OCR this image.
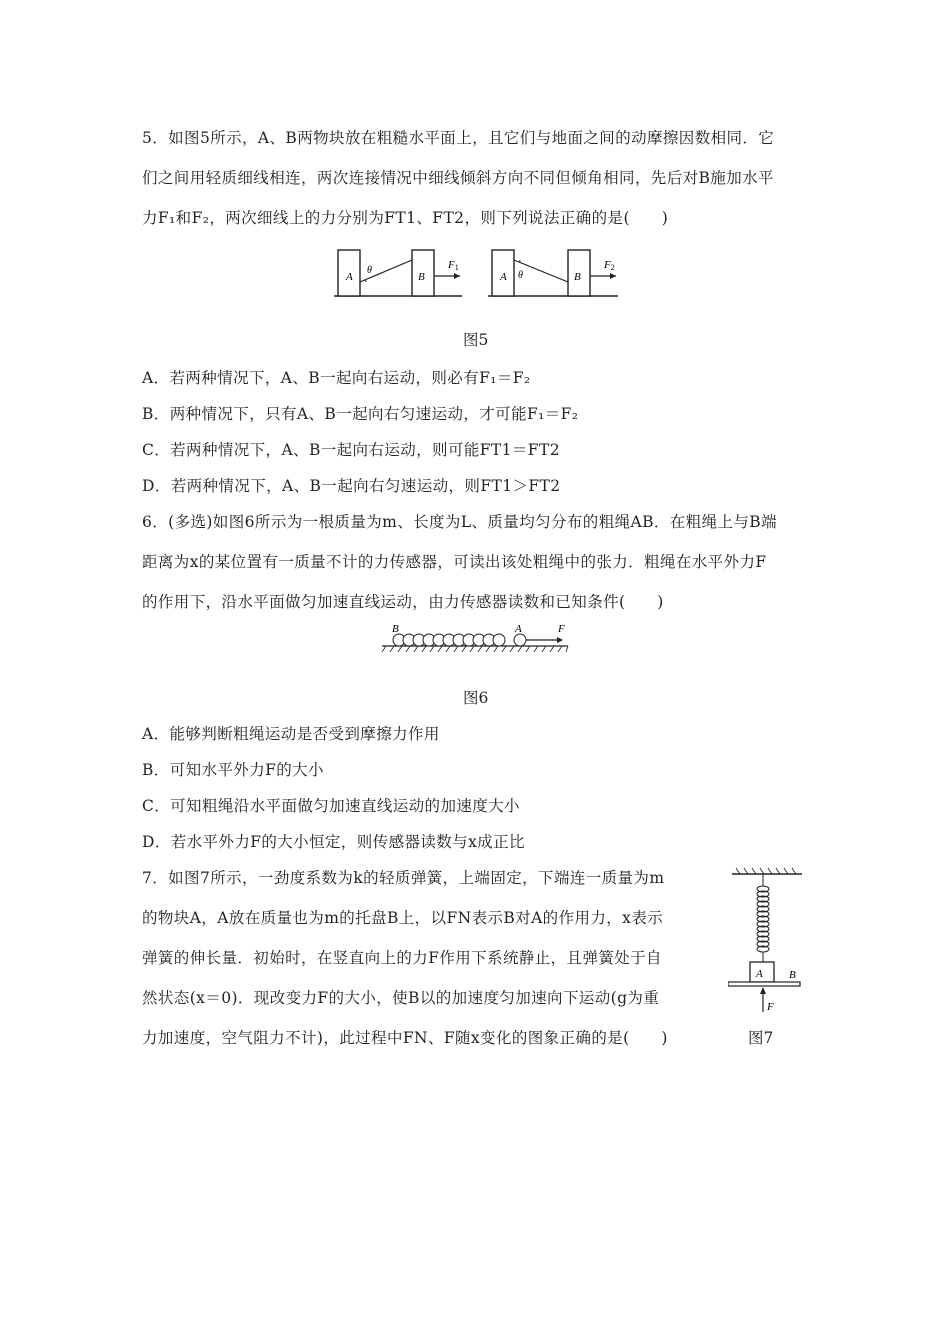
5．如图5所示，A、B两物块放在粗糙水平面上，且它们与地面之间的动摩擦因数相同．它
们之间用轻质细线相连，两次连接情况中细线倾斜方向不同但倾角相同，先后对B施加水平
力F₁和F₂，两次细线上的力分别为FT1、FT2，则下列说法正确的是(　　)
A
θ
B
F1
A θ	B
F2
图5
A．若两种情况下，A、B一起向右运动，则必有F₁＝F₂
B．两种情况下，只有A、B一起向右匀速运动，才可能F₁＝F₂
C．若两种情况下，A、B一起向右运动，则可能FT1＝FT2
D．若两种情况下，A、B一起向右匀速运动，则FT1＞FT2
6．(多选)如图6所示为一根质量为m、长度为L、质量均匀分布的粗绳AB．在粗绳上与B端
距离为x的某位置有一质量不计的力传感器，可读出该处粗绳中的张力．粗绳在水平外力F
的作用下，沿水平面做匀加速直线运动，由力传感器读数和已知条件(　　)
B	A	F
图6
A．能够判断粗绳运动是否受到摩擦力作用
B．可知水平外力F的大小
C．可知粗绳沿水平面做匀加速直线运动的加速度大小
D．若水平外力F的大小恒定，则传感器读数与x成正比
7．如图7所示，一劲度系数为k的轻质弹簧，上端固定，下端连一质量为m
的物块A，A放在质量也为m的托盘B上，以FN表示B对A的作用力，x表示
弹簧的伸长量．初始时，在竖直向上的力F作用下系统静止，且弹簧处于自
然状态(x＝0)．现改变力F的大小，使B以的加速度匀加速向下运动(g为重
力加速度，空气阻力不计)，此过程中FN、F随x变化的图象正确的是(　　)
A B
F
图7
